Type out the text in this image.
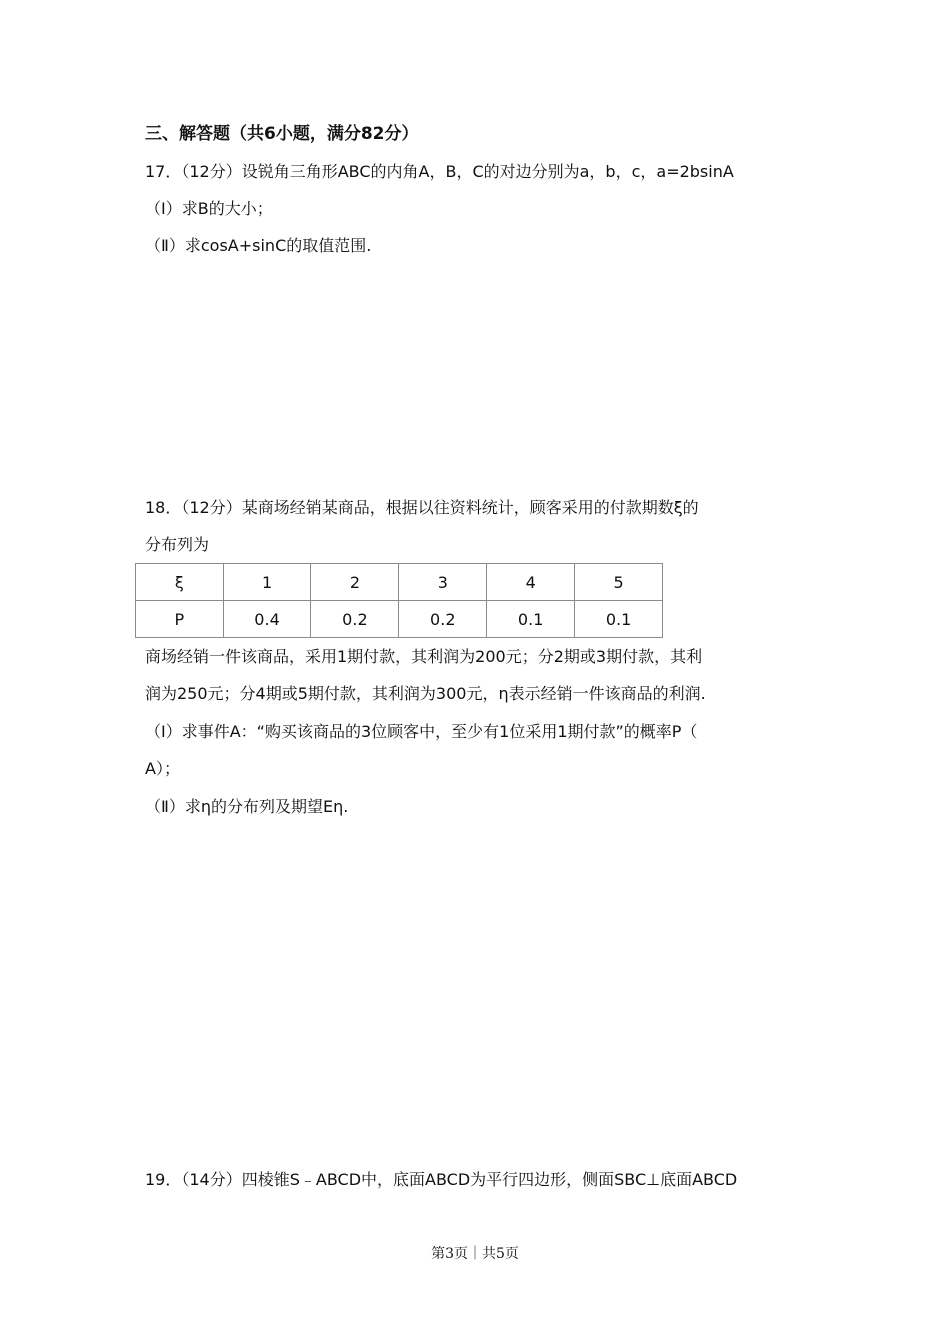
三、解答题（共6小题，满分82分）
17．（12分）设锐角三角形ABC的内角A，B，C的对边分别为a，b，c，a=2bsinA
（Ⅰ）求B的大小；
（Ⅱ）求cosA+sinC的取值范围.
18．（12分）某商场经销某商品，根据以往资料统计，顾客采用的付款期数ξ的
分布列为
ξ	1	2	3	4	5
P	0.4	0.2	0.2	0.1	0.1
商场经销一件该商品，采用1期付款，其利润为200元；分2期或3期付款，其利
润为250元；分4期或5期付款，其利润为300元，η表示经销一件该商品的利润.
（Ⅰ）求事件A：“购买该商品的3位顾客中，至少有1位采用1期付款”的概率P（
A）；
（Ⅱ）求η的分布列及期望Eη.
19．（14分）四棱锥S﹣ABCD中，底面ABCD为平行四边形，侧面SBC⊥底面ABCD
第3页｜共5页
